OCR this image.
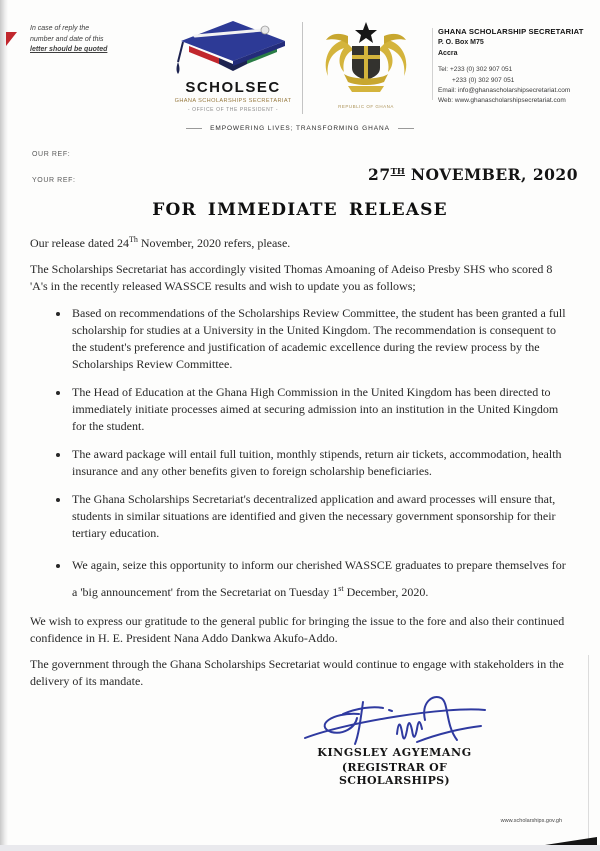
In case of reply the
number and date of this
letter should be quoted
SCHOLSEC
GHANA SCHOLARSHIPS SECRETARIAT
- OFFICE OF THE PRESIDENT -
REPUBLIC OF GHANA
GHANA SCHOLARSHIP SECRETARIAT
P. O. Box M75
Accra
Tel: +233 (0) 302 907 051
+233 (0) 302 907 051
Email: info@ghanascholarshipsecretariat.com
Web: www.ghanascholarshipsecretariat.com
EMPOWERING LIVES; TRANSFORMING GHANA
OUR REF:
YOUR REF:	27TH NOVEMBER, 2020
FOR IMMEDIATE RELEASE

Our release dated 24Th November, 2020 refers, please.

The Scholarships Secretariat has accordingly visited Thomas Amoaning of Adeiso Presby SHS who scored 8 'A's in the recently released WASSCE results and wish to update you as follows;

• Based on recommendations of the Scholarships Review Committee, the student has been granted a full scholarship for studies at a University in the United Kingdom. The recommendation is consequent to the student's preference and justification of academic excellence during the review process by the Scholarships Review Committee.
• The Head of Education at the Ghana High Commission in the United Kingdom has been directed to immediately initiate processes aimed at securing admission into an institution in the United Kingdom for the student.
• The award package will entail full tuition, monthly stipends, return air tickets, accommodation, health insurance and any other benefits given to foreign scholarship beneficiaries.
• The Ghana Scholarships Secretariat's decentralized application and award processes will ensure that, students in similar situations are identified and given the necessary government sponsorship for their tertiary education.
• We again, seize this opportunity to inform our cherished WASSCE graduates to prepare themselves for a 'big announcement' from the Secretariat on Tuesday 1st December, 2020.

We wish to express our gratitude to the general public for bringing the issue to the fore and also their continued confidence in H. E. President Nana Addo Dankwa Akufo-Addo.

The government through the Ghana Scholarships Secretariat would continue to engage with stakeholders in the delivery of its mandate.

KINGSLEY AGYEMANG
(REGISTRAR OF SCHOLARSHIPS)
www.scholarships.gov.gh
